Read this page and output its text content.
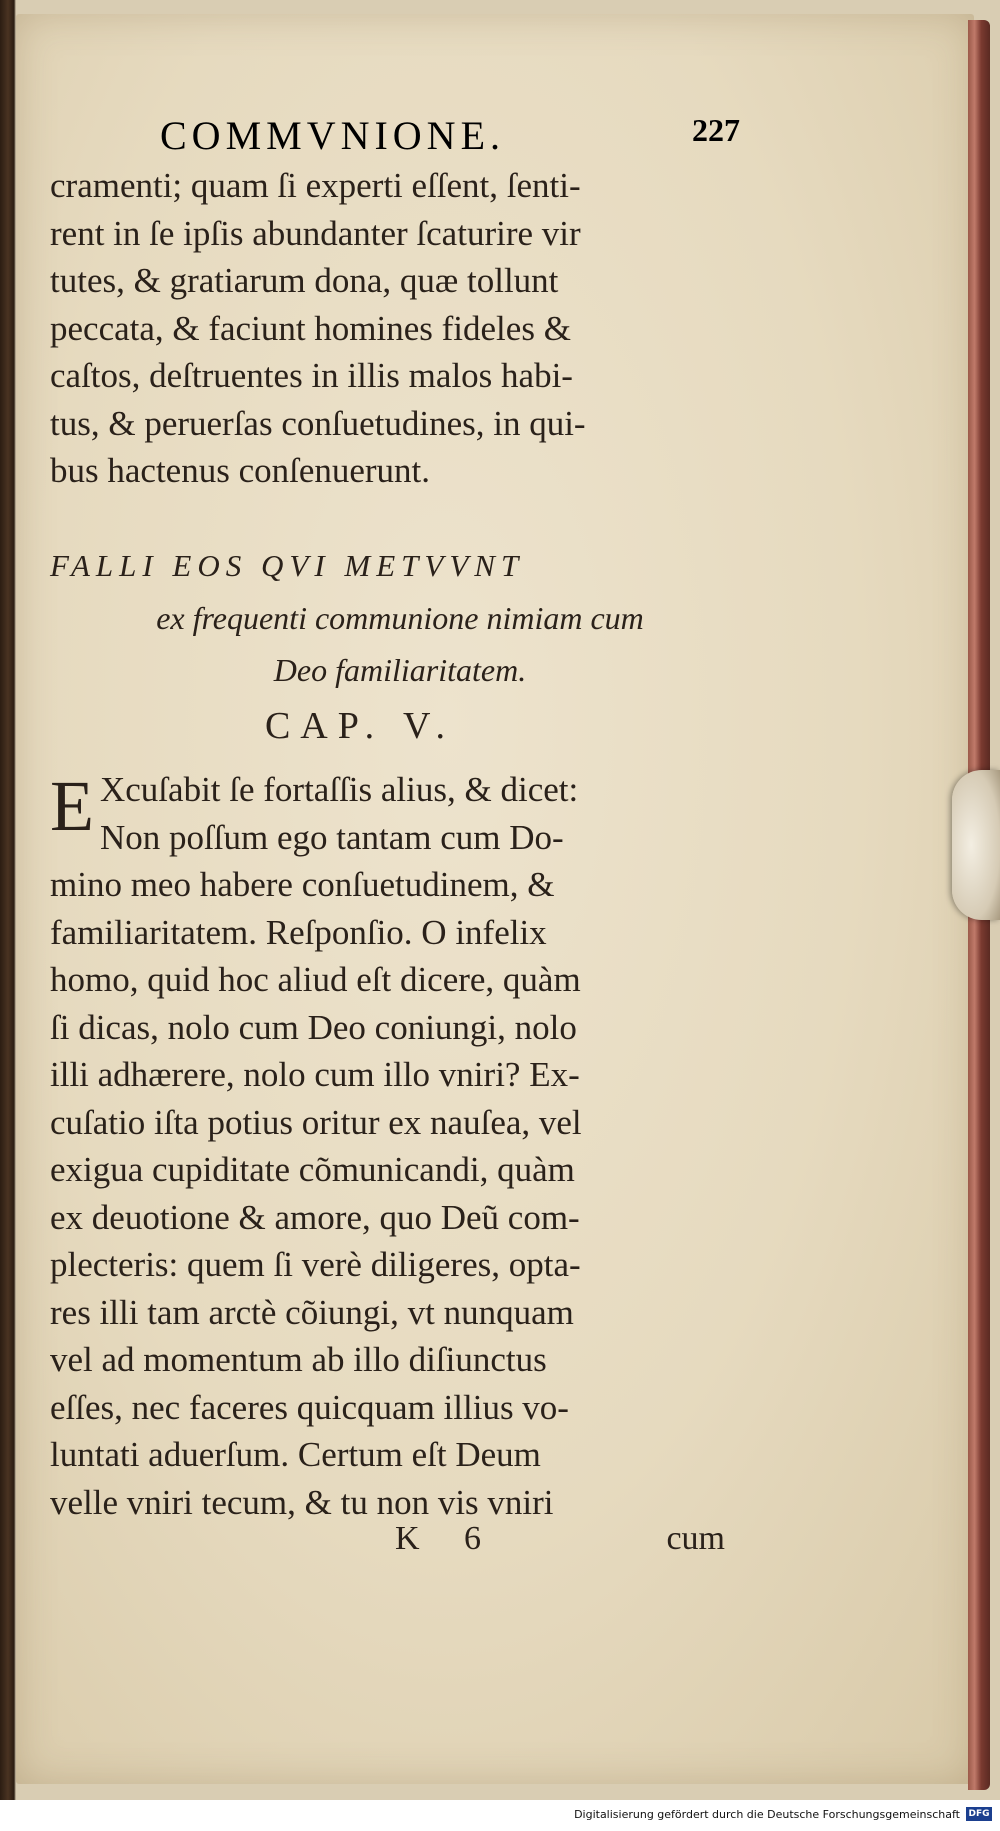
COMMVNIONE.	227
cramenti; quam ſi experti eſſent, ſenti-
rent in ſe ipſis abundanter ſcaturire vir
tutes, & gratiarum dona, quæ tollunt
peccata, & faciunt homines fideles &
caſtos, deſtruentes in illis malos habi-
tus, & peruerſas conſuetudines, in qui-
bus hactenus conſenuerunt.
FALLI EOS QVI METVVNT
ex frequenti communione nimiam cum
Deo familiaritatem.
CAP. V.
E Xcuſabit ſe fortaſſis alius, & dicet:
Non poſſum ego tantam cum Do-
mino meo habere conſuetudinem, &
familiaritatem. Reſponſio. O infelix
homo, quid hoc aliud eſt dicere, quàm
ſi dicas, nolo cum Deo coniungi, nolo
illi adhærere, nolo cum illo vniri? Ex-
cuſatio iſta potius oritur ex nauſea, vel
exigua cupiditate cõmunicandi, quàm
ex deuotione & amore, quo Deũ com-
plecteris: quem ſi verè diligeres, opta-
res illi tam arctè cõiungi, vt nunquam
vel ad momentum ab illo diſiunctus
eſſes, nec faceres quicquam illius vo-
luntati aduerſum. Certum eſt Deum
velle vniri tecum, & tu non vis vniri
K 6	cum
Digitalisierung gefördert durch die Deutsche Forschungsgemeinschaft DFG
